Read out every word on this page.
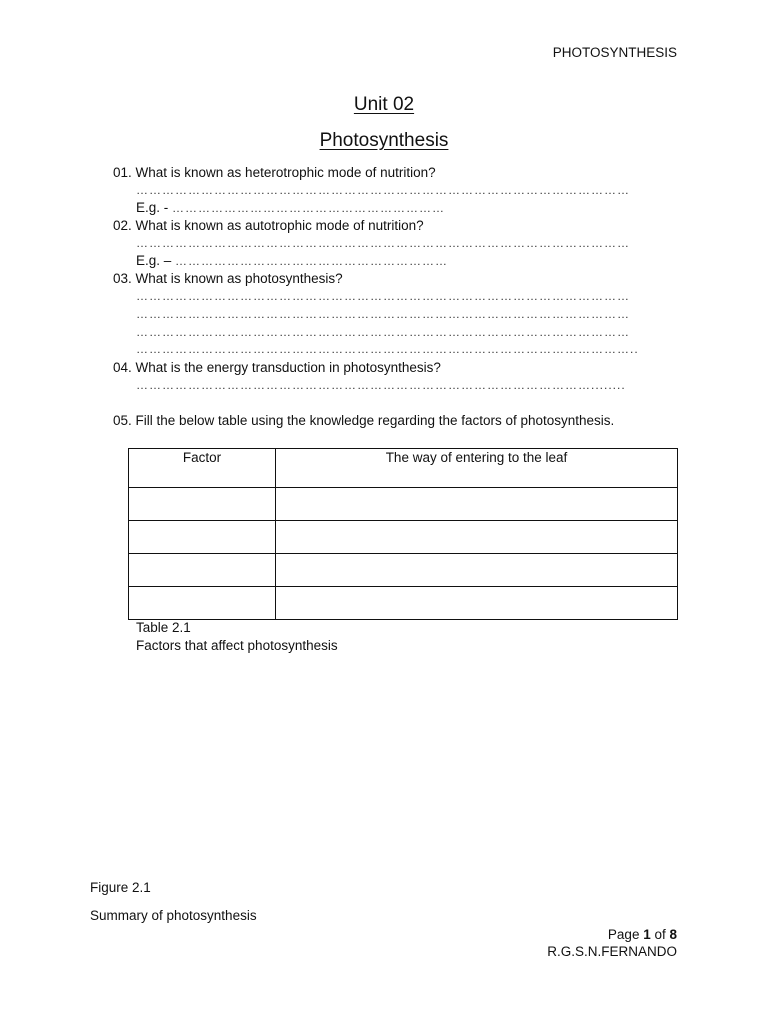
PHOTOSYNTHESIS
Unit 02
Photosynthesis
01. What is known as heterotrophic mode of nutrition?
……………………………………………………………………………………………………
E.g. - ………………………………………………………
02. What is known as autotrophic mode of nutrition?
……………………………………………………………………………………………………
E.g. – ………………………………………………………
03. What is known as photosynthesis?
……………………………………………………………………………………………………
……………………………………………………………………………………………………
……………………………………………………………………………………………………
……………………………………………………………………………………………………..
04. What is the energy transduction in photosynthesis?
……………………………………………………………………………………………........
05. Fill the below table using the knowledge regarding the factors of photosynthesis.
Factor	The way of entering to the leaf

Table 2.1
Factors that affect photosynthesis
Figure 2.1
Summary of photosynthesis
Page 1 of 8
R.G.S.N.FERNANDO
